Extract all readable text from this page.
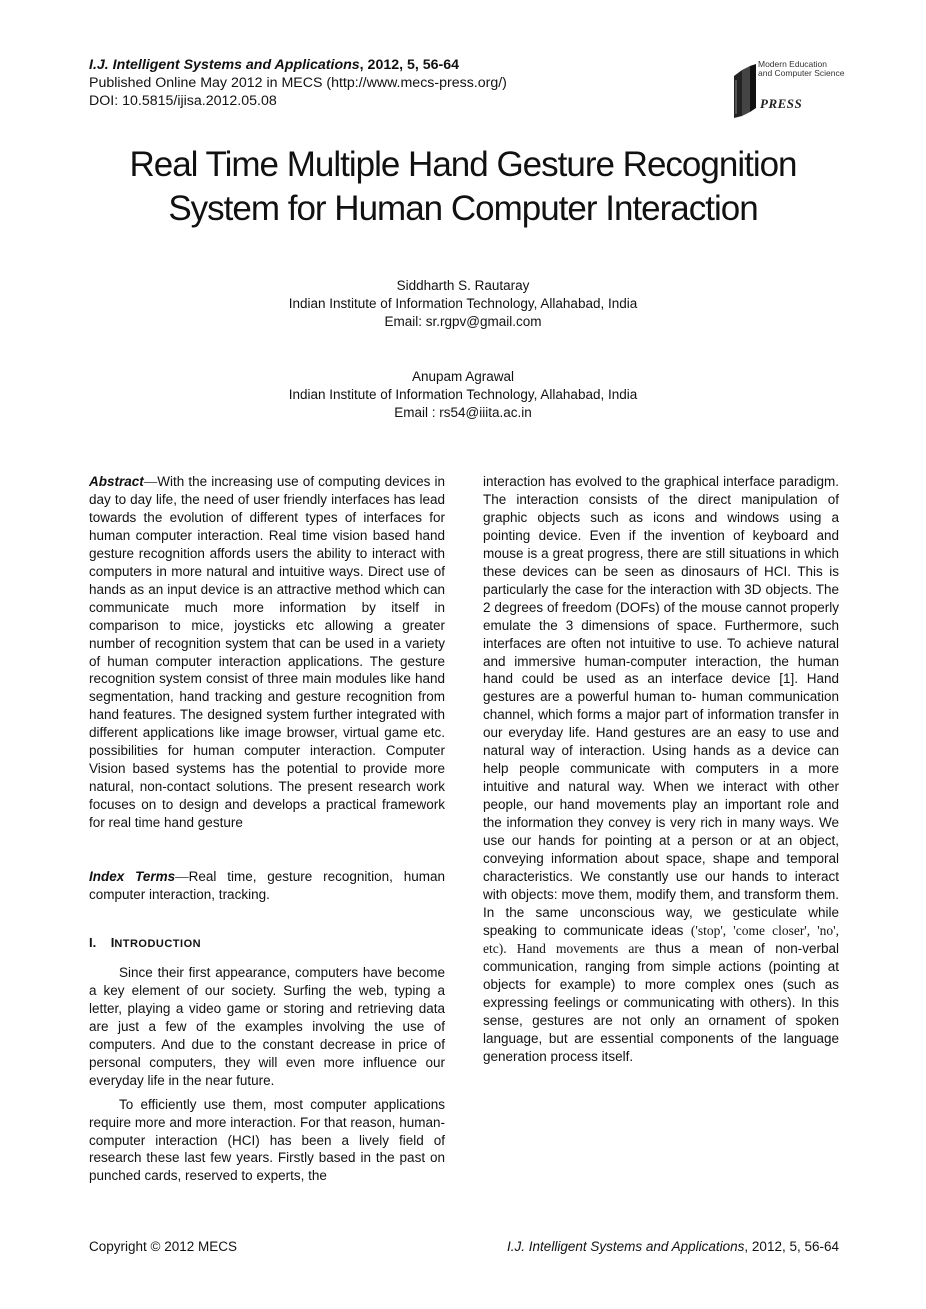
I.J. Intelligent Systems and Applications, 2012, 5, 56-64
Published Online May 2012 in MECS (http://www.mecs-press.org/)
DOI: 10.5815/ijisa.2012.05.08
Modern Education
and Computer Science
PRESS
Real Time Multiple Hand Gesture Recognition
System for Human Computer Interaction

Siddharth S. Rautaray

Indian Institute of Information Technology, Allahabad, India

Email: sr.rgpv@gmail.com

Anupam Agrawal

Indian Institute of Information Technology, Allahabad, India

Email : rs54@iiita.ac.in

Abstract—With the increasing use of computing devices in day to day life, the need of user friendly interfaces has lead towards the evolution of different types of interfaces for human computer interaction. Real time vision based hand gesture recognition affords users the ability to interact with computers in more natural and intuitive ways. Direct use of hands as an input device is an attractive method which can communicate much more information by itself in comparison to mice, joysticks etc allowing a greater number of recognition system that can be used in a variety of human computer interaction applications. The gesture recognition system consist of three main modules like hand segmentation, hand tracking and gesture recognition from hand features. The designed system further integrated with different applications like image browser, virtual game etc. possibilities for human computer interaction. Computer Vision based systems has the potential to provide more natural, non-contact solutions. The present research work focuses on to design and develops a practical framework for real time hand gesture

Index Terms—Real time, gesture recognition, human computer interaction, tracking.

I. INTRODUCTION

Since their first appearance, computers have become a key element of our society. Surfing the web, typing a letter, playing a video game or storing and retrieving data are just a few of the examples involving the use of computers. And due to the constant decrease in price of personal computers, they will even more influence our everyday life in the near future.

To efficiently use them, most computer applications require more and more interaction. For that reason, human-computer interaction (HCI) has been a lively field of research these last few years. Firstly based in the past on punched cards, reserved to experts, the

interaction has evolved to the graphical interface paradigm. The interaction consists of the direct manipulation of graphic objects such as icons and windows using a pointing device. Even if the invention of keyboard and mouse is a great progress, there are still situations in which these devices can be seen as dinosaurs of HCI. This is particularly the case for the interaction with 3D objects. The 2 degrees of freedom (DOFs) of the mouse cannot properly emulate the 3 dimensions of space. Furthermore, such interfaces are often not intuitive to use. To achieve natural and immersive human-computer interaction, the human hand could be used as an interface device [1]. Hand gestures are a powerful human to- human communication channel, which forms a major part of information transfer in our everyday life. Hand gestures are an easy to use and natural way of interaction. Using hands as a device can help people communicate with computers in a more intuitive and natural way. When we interact with other people, our hand movements play an important role and the information they convey is very rich in many ways. We use our hands for pointing at a person or at an object, conveying information about space, shape and temporal characteristics. We constantly use our hands to interact with objects: move them, modify them, and transform them. In the same unconscious way, we gesticulate while speaking to communicate ideas ('stop', 'come closer', 'no', etc). Hand movements are thus a mean of non-verbal communication, ranging from simple actions (pointing at objects for example) to more complex ones (such as expressing feelings or communicating with others). In this sense, gestures are not only an ornament of spoken language, but are essential components of the language generation process itself.

Copyright © 2012 MECS	I.J. Intelligent Systems and Applications, 2012, 5, 56-64
